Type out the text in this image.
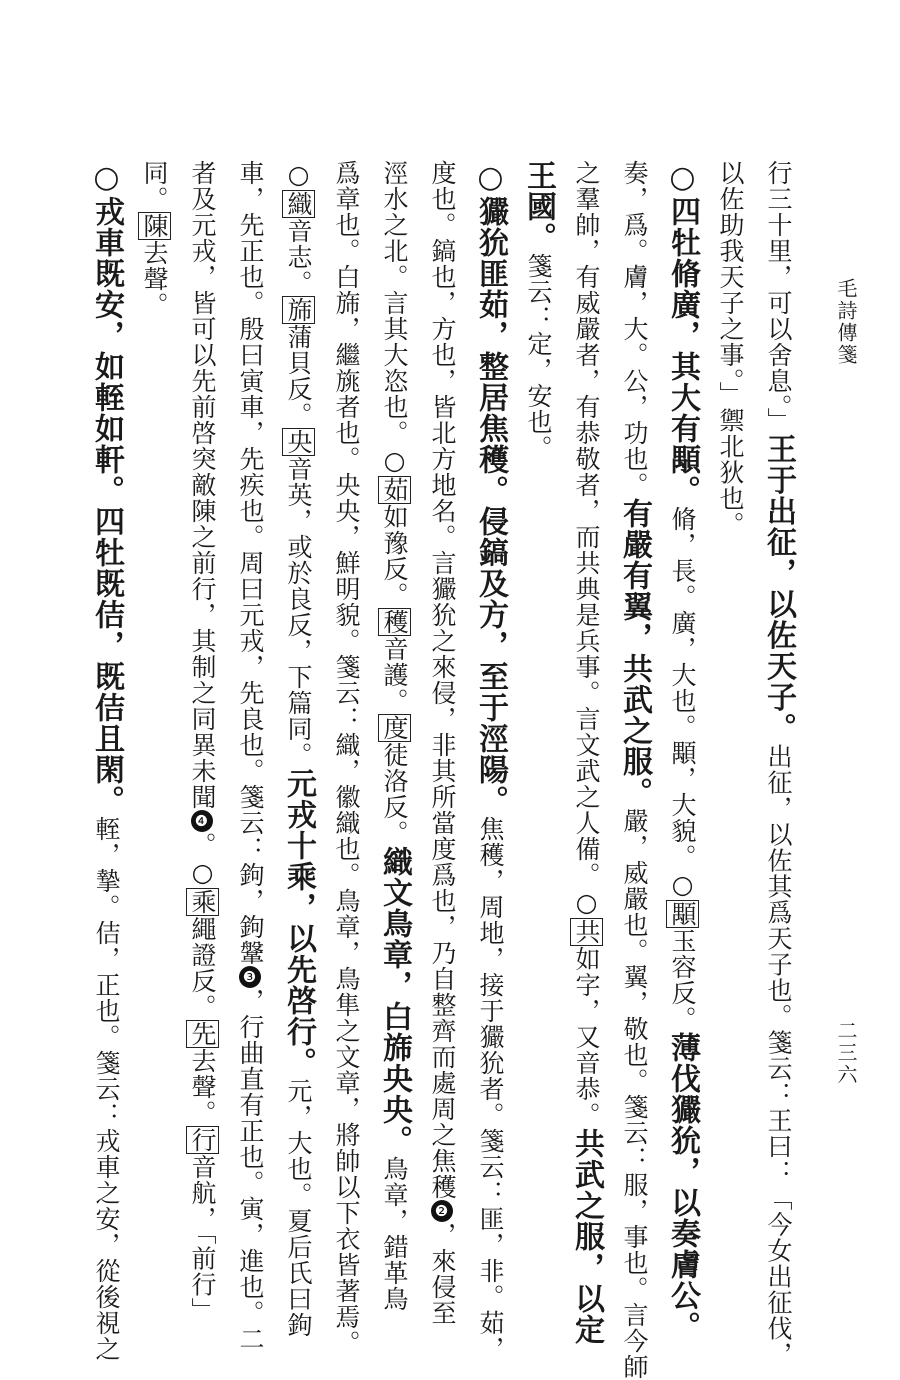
毛詩傳箋
二三六
行三十里，可以舍息。」王于出征，以佐天子。出征，以佐其爲天子也。箋云：王曰：「今女出征伐，
以佐助我天子之事。」禦北狄也。
○四牡脩廣，其大有顒。脩，長。廣，大也。顒，大貌。○顒玉容反。薄伐玁狁，以奏膚公。
奏，爲。膚，大。公，功也。有嚴有翼，共武之服。嚴，威嚴也。翼，敬也。箋云：服，事也。言今師
之羣帥，有威嚴者，有恭敬者，而共典是兵事。言文武之人備。○共如字，又音恭。共武之服，以定
王國。箋云：定，安也。
○玁狁匪茹，整居焦穫。侵鎬及方，至于涇陽。焦穫，周地，接于玁狁者。箋云：匪，非。茹，
度也。鎬也，方也，皆北方地名。言玁狁之來侵，非其所當度爲也，乃自整齊而處周之焦穫❷，來侵至
涇水之北。言其大恣也。○茹如豫反。穫音護。度徒洛反。織文鳥章，白旆央央。鳥章，錯革鳥
爲章也。白旆，繼旐者也。央央，鮮明貌。箋云：織，徽織也。鳥章，鳥隼之文章，將帥以下衣皆著焉。
○織音志。旆蒲貝反。央音英，或於良反，下篇同。元戎十乘，以先啓行。元，大也。夏后氏曰鉤
車，先正也。殷曰寅車，先疾也。周曰元戎，先良也。箋云：鉤，鉤鞶❸，行曲直有正也。寅，進也。二
者及元戎，皆可以先前啓突敵陳之前行，其制之同異未聞❹。○乘繩證反。先去聲。行音航，「前行」
同。陳去聲。
○戎車既安，如輊如軒。四牡既佶，既佶且閑。輊，摯。佶，正也。箋云：戎車之安，從後視之
